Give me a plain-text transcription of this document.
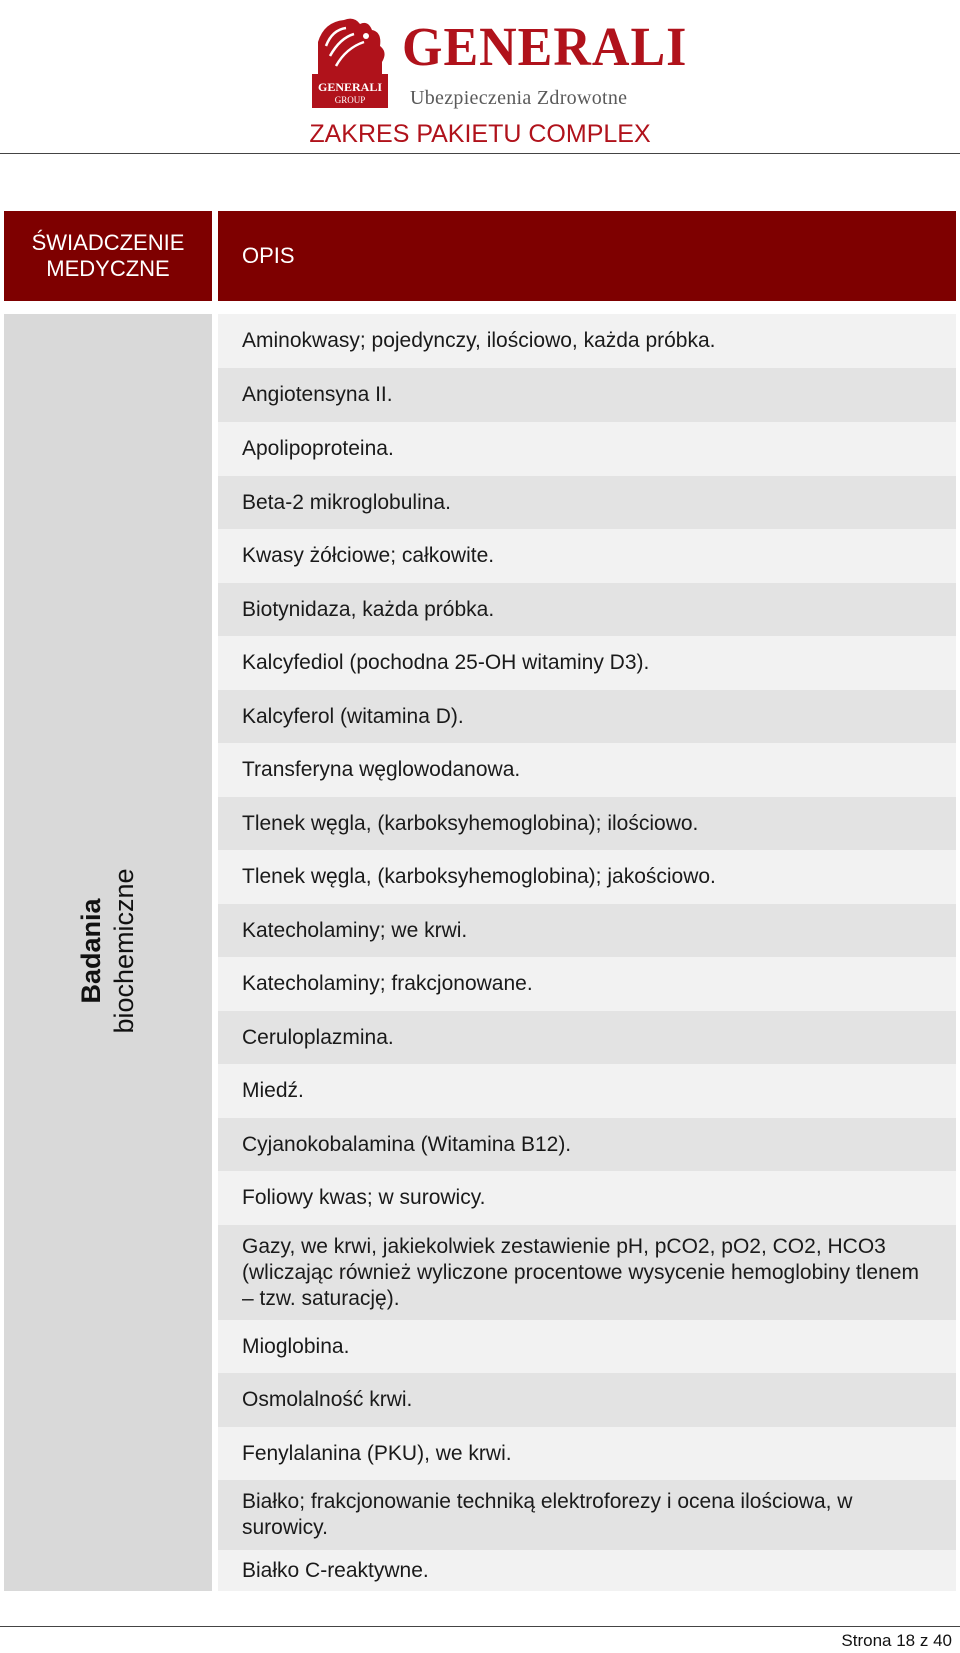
GENERALI
GROUP
GENERALI
Ubezpieczenia Zdrowotne
ZAKRES PAKIETU COMPLEX
ŚWIADCZENIE
MEDYCZNE
OPIS
Badania biochemiczne
Aminokwasy; pojedynczy, ilościowo, każda próbka.
Angiotensyna II.
Apolipoproteina.
Beta-2 mikroglobulina.
Kwasy żółciowe; całkowite.
Biotynidaza, każda próbka.
Kalcyfediol (pochodna 25-OH witaminy D3).
Kalcyferol (witamina D).
Transferyna węglowodanowa.
Tlenek węgla, (karboksyhemoglobina); ilościowo.
Tlenek węgla, (karboksyhemoglobina); jakościowo.
Katecholaminy; we krwi.
Katecholaminy; frakcjonowane.
Ceruloplazmina.
Miedź.
Cyjanokobalamina (Witamina B12).
Foliowy kwas; w surowicy.
Gazy, we krwi, jakiekolwiek zestawienie pH, pCO2, pO2, CO2, HCO3 (wliczając również wyliczone procentowe wysycenie hemoglobiny tlenem – tzw. saturację).
Mioglobina.
Osmolalność krwi.
Fenylalanina (PKU), we krwi.
Białko; frakcjonowanie techniką elektroforezy i ocena ilościowa, w surowicy.
Białko C-reaktywne.
Strona 18 z 40
